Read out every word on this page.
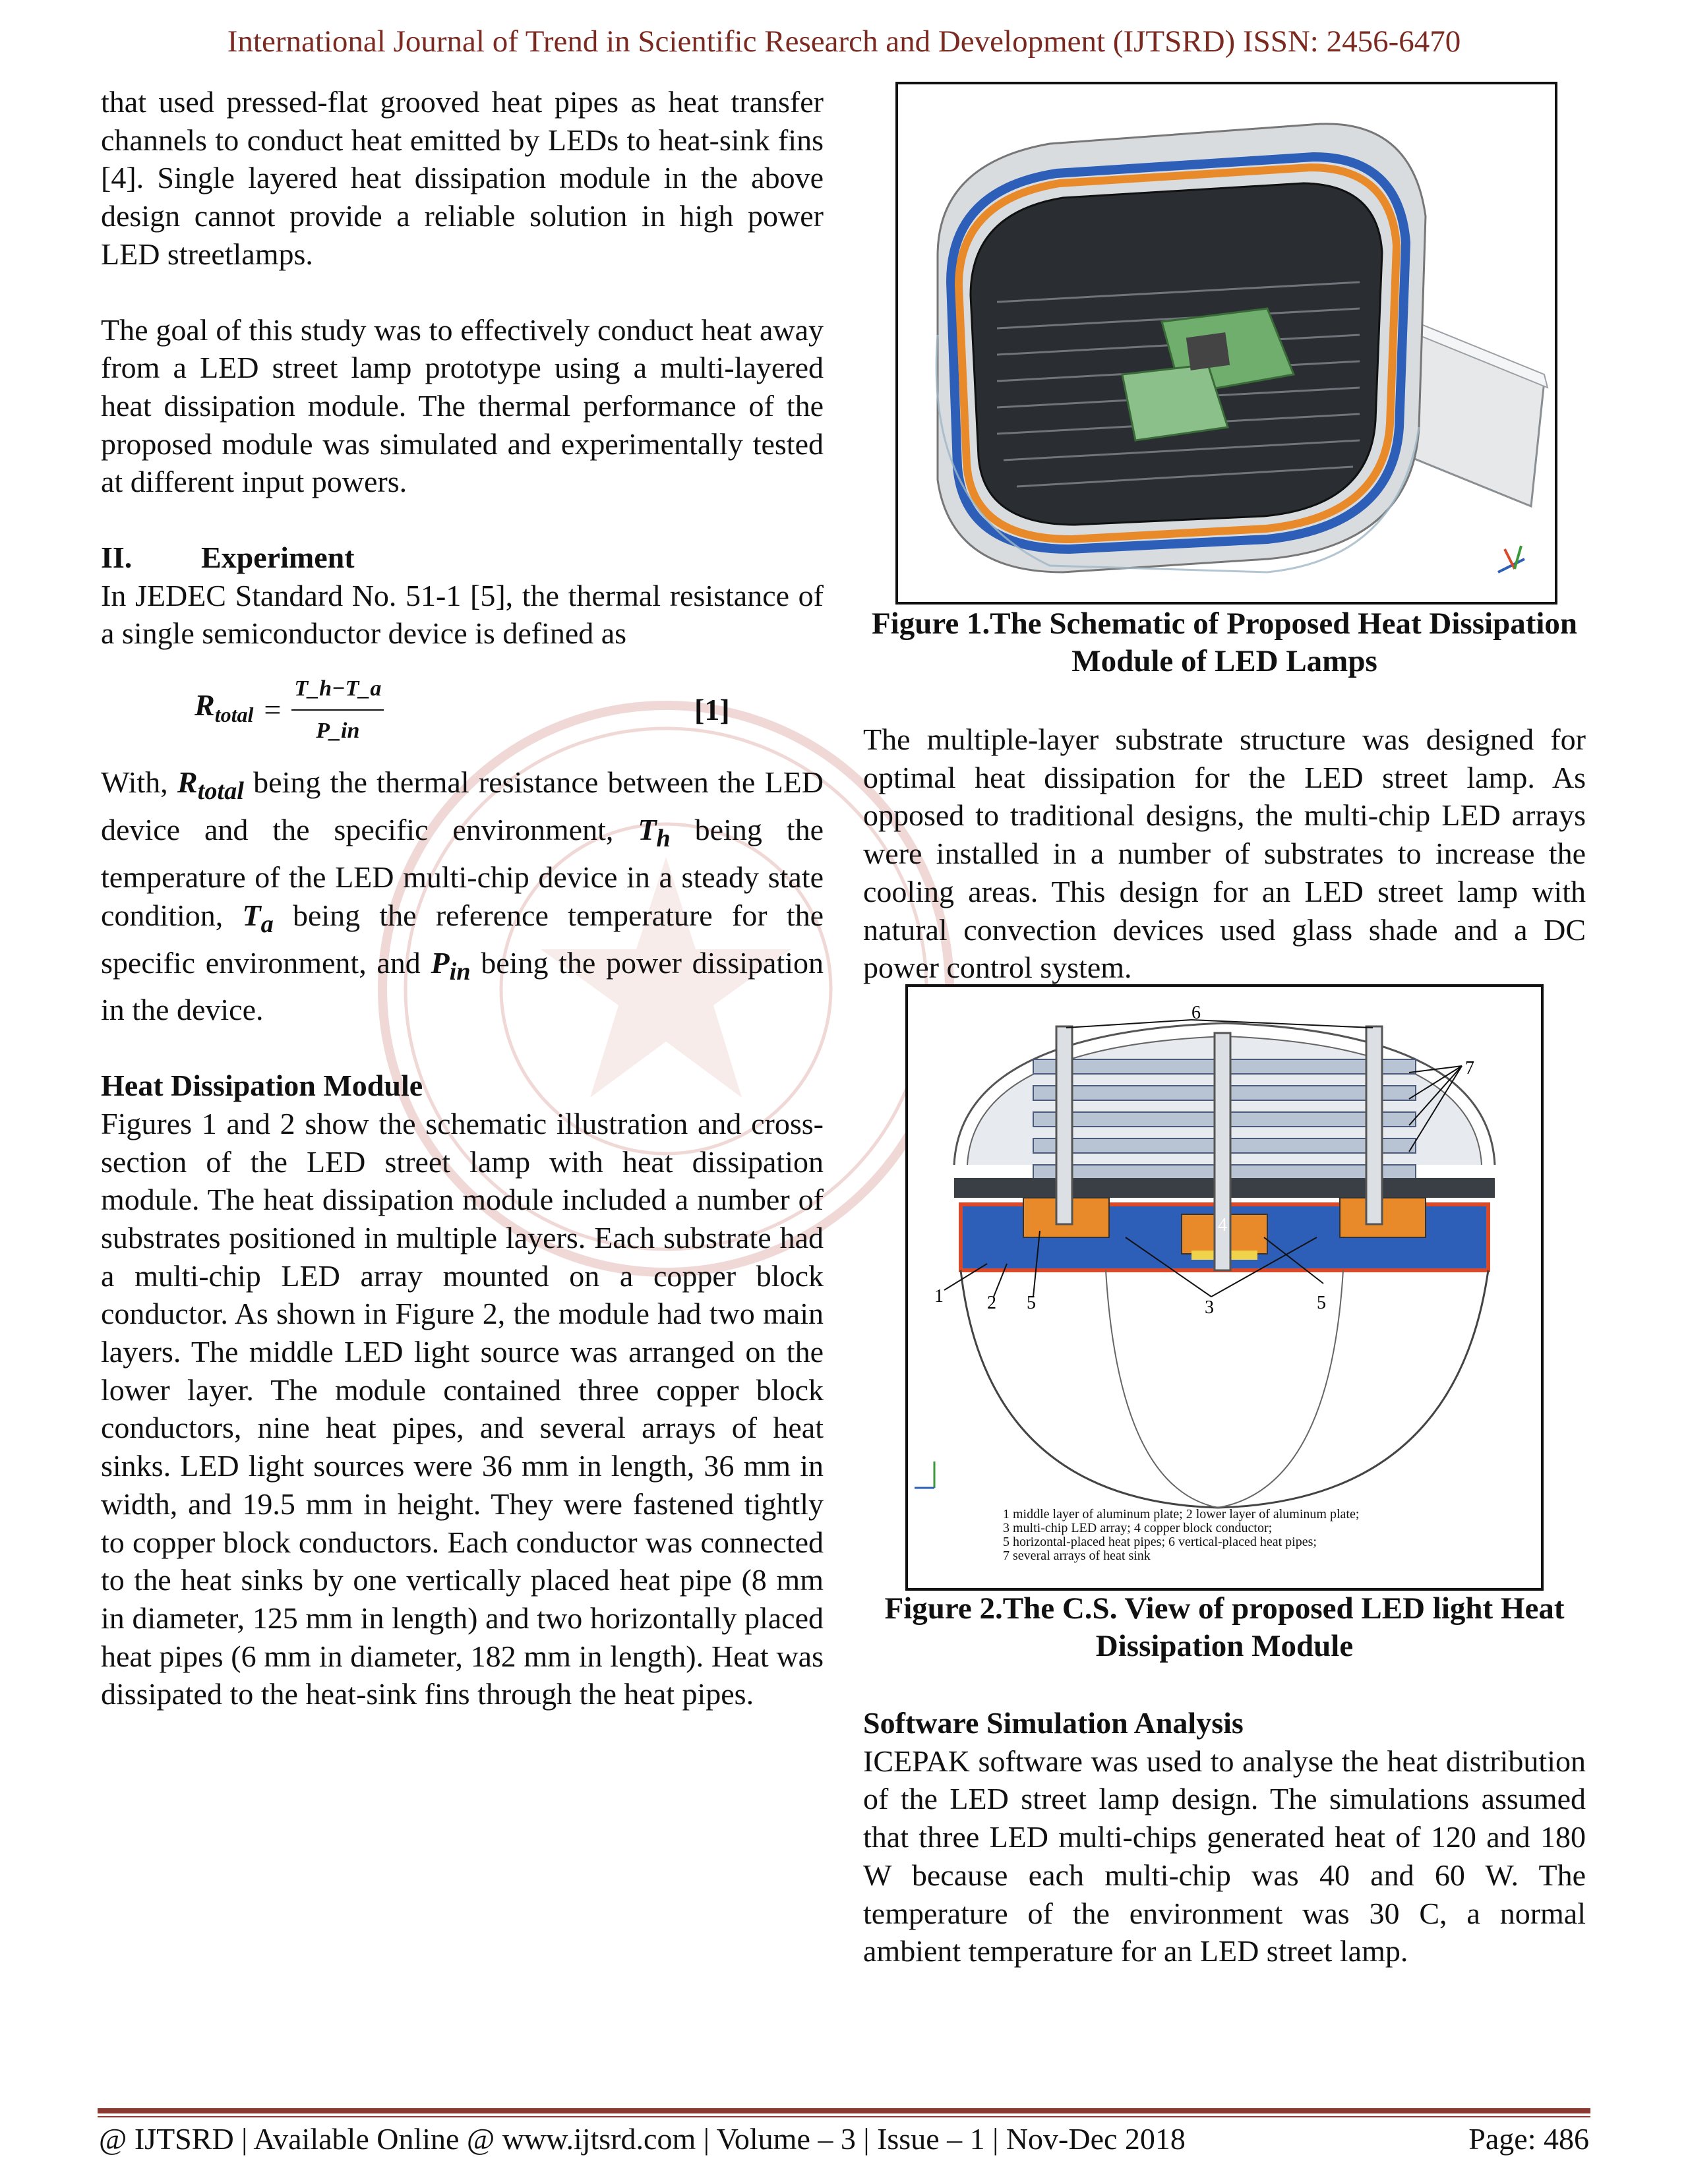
International Journal of Trend in Scientific Research and Development (IJTSRD) ISSN: 2456-6470

that used pressed-flat grooved heat pipes as heat transfer channels to conduct heat emitted by LEDs to heat-sink fins [4]. Single layered heat dissipation module in the above design cannot provide a reliable solution in high power LED streetlamps.

The goal of this study was to effectively conduct heat away from a LED street lamp prototype using a multi-layered heat dissipation module. The thermal performance of the proposed module was simulated and experimentally tested at different input powers.

II. Experiment

In JEDEC Standard No. 51-1 [5], the thermal resistance of a single semiconductor device is defined as

$R_{total} = \frac{T\_h-T\_a}{P\_in}$	[1]

With, $R_{total}$ being the thermal resistance between the LED device and the specific environment, $T_h$ being the temperature of the LED multi-chip device in a steady state condition, $T_a$ being the reference temperature for the specific environment, and $P_{in}$ being the power dissipation in the device.

Heat Dissipation Module

Figures 1 and 2 show the schematic illustration and cross-section of the LED street lamp with heat dissipation module. The heat dissipation module included a number of substrates positioned in multiple layers. Each substrate had a multi-chip LED array mounted on a copper block conductor. As shown in Figure 2, the module had two main layers. The middle LED light source was arranged on the lower layer. The module contained three copper block conductors, nine heat pipes, and several arrays of heat sinks. LED light sources were 36 mm in length, 36 mm in width, and 19.5 mm in height. They were fastened tightly to copper block conductors. Each conductor was connected to the heat sinks by one vertically placed heat pipe (8 mm in diameter, 125 mm in length) and two horizontally placed heat pipes (6 mm in diameter, 182 mm in length). Heat was dissipated to the heat-sink fins through the heat pipes.

Figure 1.The Schematic of Proposed Heat Dissipation Module of LED Lamps

The multiple-layer substrate structure was designed for optimal heat dissipation for the LED street lamp. As opposed to traditional designs, the multi-chip LED arrays were installed in a number of substrates to increase the cooling areas. This design for an LED street lamp with natural convection devices used glass shade and a DC power control system.

6
7
4
1 2 5	3	5
1 middle layer of aluminum plate; 2 lower layer of aluminum plate;
3 multi-chip LED array; 4 copper block conductor;
5 horizontal-placed heat pipes; 6 vertical-placed heat pipes;
7 several arrays of heat sink
Figure 2.The C.S. View of proposed LED light Heat Dissipation Module

Software Simulation Analysis

ICEPAK software was used to analyse the heat distribution of the LED street lamp design. The simulations assumed that three LED multi-chips generated heat of 120 and 180 W because each multi-chip was 40 and 60 W. The temperature of the environment was 30 C, a normal ambient temperature for an LED street lamp.

@ IJTSRD | Available Online @ www.ijtsrd.com | Volume – 3 | Issue – 1 | Nov-Dec 2018	Page: 486
